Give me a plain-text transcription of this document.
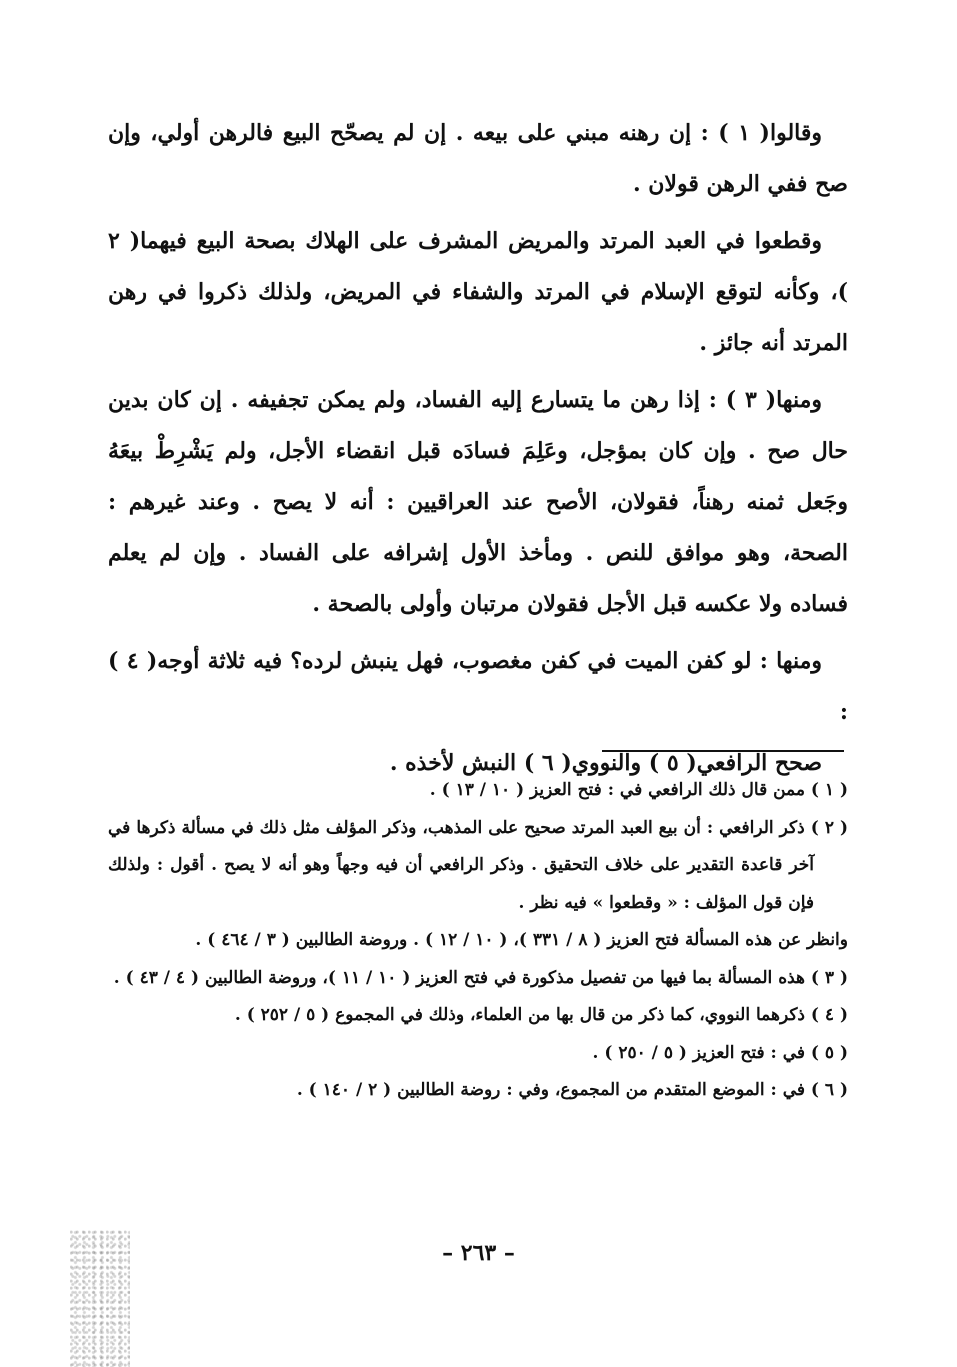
وقالوا( ١ ) : إن رهنه مبني على بيعه . إن لم يصحّح البيع فالرهن أولي، وإن صح ففي الرهن قولان .

وقطعوا في العبد المرتد والمريض المشرف على الهلاك بصحة البيع فيهما( ٢ )، وكأنه لتوقع الإسلام في المرتد والشفاء في المريض، ولذلك ذكروا في رهن المرتد أنه جائز .

ومنها( ٣ ) : إذا رهن ما يتسارع إليه الفساد، ولم يمكن تجفيفه . إن كان بدين حال صح . وإن كان بمؤجل، وعَلِمَ فسادَه قبل انقضاء الأجل، ولم يَشْرِطْ بيعَهُ وجَعل ثمنه رهناً، فقولان، الأصح عند العراقيين : أنه لا يصح . وعند غيرهم : الصحة، وهو موافق للنص . ومأخذ الأول إشرافه على الفساد . وإن لم يعلم فساده ولا عكسه قبل الأجل فقولان مرتبان وأولى بالصحة .

ومنها : لو كفن الميت في كفن مغصوب، فهل ينبش لرده؟ فيه ثلاثة أوجه( ٤ ) :

صحح الرافعي( ٥ ) والنووي( ٦ ) النبش لأخذه .

( ١ ) ممن قال ذلك الرافعي في : فتح العزيز ( ١٠ / ١٣ ) .
( ٢ ) ذكر الرافعي : أن بيع العبد المرتد صحيح على المذهب، وذكر المؤلف مثل ذلك في مسألة ذكرها في آخر قاعدة التقدير على خلاف التحقيق . وذكر الرافعي أن فيه وجهاً وهو أنه لا يصح . أقول : ولذلك فإن قول المؤلف : « وقطعوا » فيه نظر .
وانظر عن هذه المسألة فتح العزيز ( ٨ / ٣٣١ )، ( ١٠ / ١٢ ) . وروضة الطالبين ( ٣ / ٤٦٤ ) .
( ٣ ) هذه المسألة بما فيها من تفصيل مذكورة في فتح العزيز ( ١٠ / ١١ )، وروضة الطالبين ( ٤ / ٤٣ ) .
( ٤ ) ذكرهما النووي، كما ذكر من قال بها من العلماء، وذلك في المجموع ( ٥ / ٢٥٢ ) .
( ٥ ) في : فتح العزيز ( ٥ / ٢٥٠ ) .
( ٦ ) في : الموضع المتقدم من المجموع، وفي : روضة الطالبين ( ٢ / ١٤٠ ) .
– ٢٦٣ –
